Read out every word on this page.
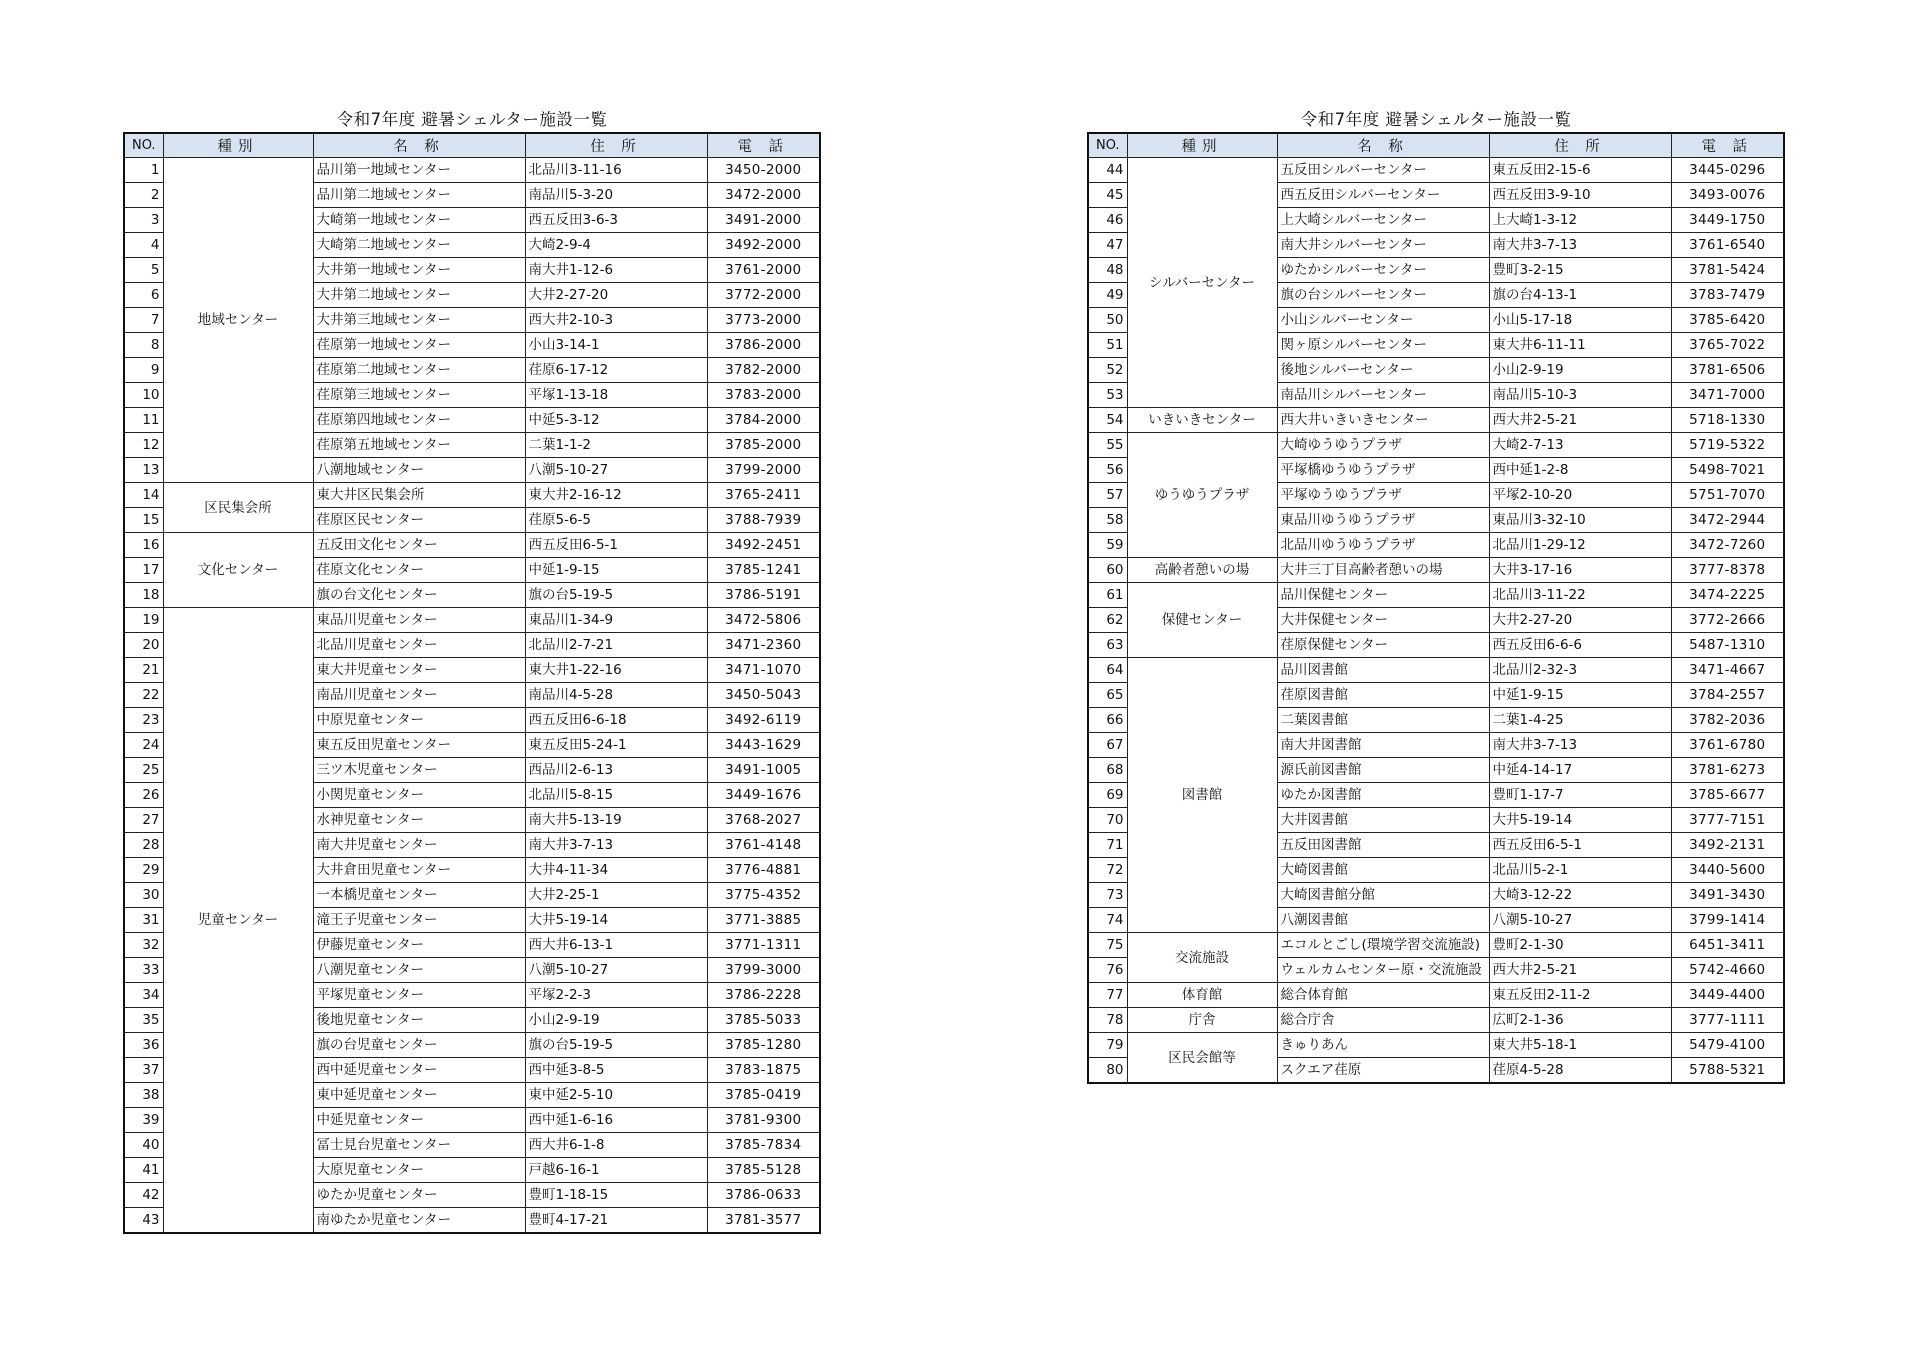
令和7年度 避暑シェルター施設一覧
NO.	種別	名 称	住 所	電 話
1	地域センター	品川第一地域センター	北品川3-11-16	3450-2000
2		品川第二地域センター	南品川5-3-20	3472-2000
3		大崎第一地域センター	西五反田3-6-3	3491-2000
4		大崎第二地域センター	大崎2-9-4	3492-2000
5		大井第一地域センター	南大井1-12-6	3761-2000
6		大井第二地域センター	大井2-27-20	3772-2000
7		大井第三地域センター	西大井2-10-3	3773-2000
8		荏原第一地域センター	小山3-14-1	3786-2000
9		荏原第二地域センター	荏原6-17-12	3782-2000
10		荏原第三地域センター	平塚1-13-18	3783-2000
11		荏原第四地域センター	中延5-3-12	3784-2000
12		荏原第五地域センター	二葉1-1-2	3785-2000
13		八潮地域センター	八潮5-10-27	3799-2000
14	区民集会所	東大井区民集会所	東大井2-16-12	3765-2411
15		荏原区民センター	荏原5-6-5	3788-7939
16	文化センター	五反田文化センター	西五反田6-5-1	3492-2451
17		荏原文化センター	中延1-9-15	3785-1241
18		旗の台文化センター	旗の台5-19-5	3786-5191
19	児童センター	東品川児童センター	東品川1-34-9	3472-5806
20		北品川児童センター	北品川2-7-21	3471-2360
21		東大井児童センター	東大井1-22-16	3471-1070
22		南品川児童センター	南品川4-5-28	3450-5043
23		中原児童センター	西五反田6-6-18	3492-6119
24		東五反田児童センター	東五反田5-24-1	3443-1629
25		三ツ木児童センター	西品川2-6-13	3491-1005
26		小関児童センター	北品川5-8-15	3449-1676
27		水神児童センター	南大井5-13-19	3768-2027
28		南大井児童センター	南大井3-7-13	3761-4148
29		大井倉田児童センター	大井4-11-34	3776-4881
30		一本橋児童センター	大井2-25-1	3775-4352
31		滝王子児童センター	大井5-19-14	3771-3885
32		伊藤児童センター	西大井6-13-1	3771-1311
33		八潮児童センター	八潮5-10-27	3799-3000
34		平塚児童センター	平塚2-2-3	3786-2228
35		後地児童センター	小山2-9-19	3785-5033
36		旗の台児童センター	旗の台5-19-5	3785-1280
37		西中延児童センター	西中延3-8-5	3783-1875
38		東中延児童センター	東中延2-5-10	3785-0419
39		中延児童センター	西中延1-6-16	3781-9300
40		冨士見台児童センター	西大井6-1-8	3785-7834
41		大原児童センター	戸越6-16-1	3785-5128
42		ゆたか児童センター	豊町1-18-15	3786-0633
43		南ゆたか児童センター	豊町4-17-21	3781-3577
令和7年度 避暑シェルター施設一覧
NO.	種別	名 称	住 所	電 話
44	シルバーセンター	五反田シルバーセンター	東五反田2-15-6	3445-0296
45		西五反田シルバーセンター	西五反田3-9-10	3493-0076
46		上大崎シルバーセンター	上大崎1-3-12	3449-1750
47		南大井シルバーセンター	南大井3-7-13	3761-6540
48		ゆたかシルバーセンター	豊町3-2-15	3781-5424
49		旗の台シルバーセンター	旗の台4-13-1	3783-7479
50		小山シルバーセンター	小山5-17-18	3785-6420
51		関ヶ原シルバーセンター	東大井6-11-11	3765-7022
52		後地シルバーセンター	小山2-9-19	3781-6506
53		南品川シルバーセンター	南品川5-10-3	3471-7000
54	いきいきセンター	西大井いきいきセンター	西大井2-5-21	5718-1330
55	ゆうゆうプラザ	大崎ゆうゆうプラザ	大崎2-7-13	5719-5322
56		平塚橋ゆうゆうプラザ	西中延1-2-8	5498-7021
57		平塚ゆうゆうプラザ	平塚2-10-20	5751-7070
58		東品川ゆうゆうプラザ	東品川3-32-10	3472-2944
59		北品川ゆうゆうプラザ	北品川1-29-12	3472-7260
60	高齢者憩いの場	大井三丁目高齢者憩いの場	大井3-17-16	3777-8378
61	保健センター	品川保健センター	北品川3-11-22	3474-2225
62		大井保健センター	大井2-27-20	3772-2666
63		荏原保健センター	西五反田6-6-6	5487-1310
64	図書館	品川図書館	北品川2-32-3	3471-4667
65		荏原図書館	中延1-9-15	3784-2557
66		二葉図書館	二葉1-4-25	3782-2036
67		南大井図書館	南大井3-7-13	3761-6780
68		源氏前図書館	中延4-14-17	3781-6273
69		ゆたか図書館	豊町1-17-7	3785-6677
70		大井図書館	大井5-19-14	3777-7151
71		五反田図書館	西五反田6-5-1	3492-2131
72		大崎図書館	北品川5-2-1	3440-5600
73		大崎図書館分館	大崎3-12-22	3491-3430
74		八潮図書館	八潮5-10-27	3799-1414
75	交流施設	エコルとごし(環境学習交流施設)	豊町2-1-30	6451-3411
76		ウェルカムセンター原・交流施設	西大井2-5-21	5742-4660
77	体育館	総合体育館	東五反田2-11-2	3449-4400
78	庁舎	総合庁舎	広町2-1-36	3777-1111
79	区民会館等	きゅりあん	東大井5-18-1	5479-4100
80		スクエア荏原	荏原4-5-28	5788-5321
